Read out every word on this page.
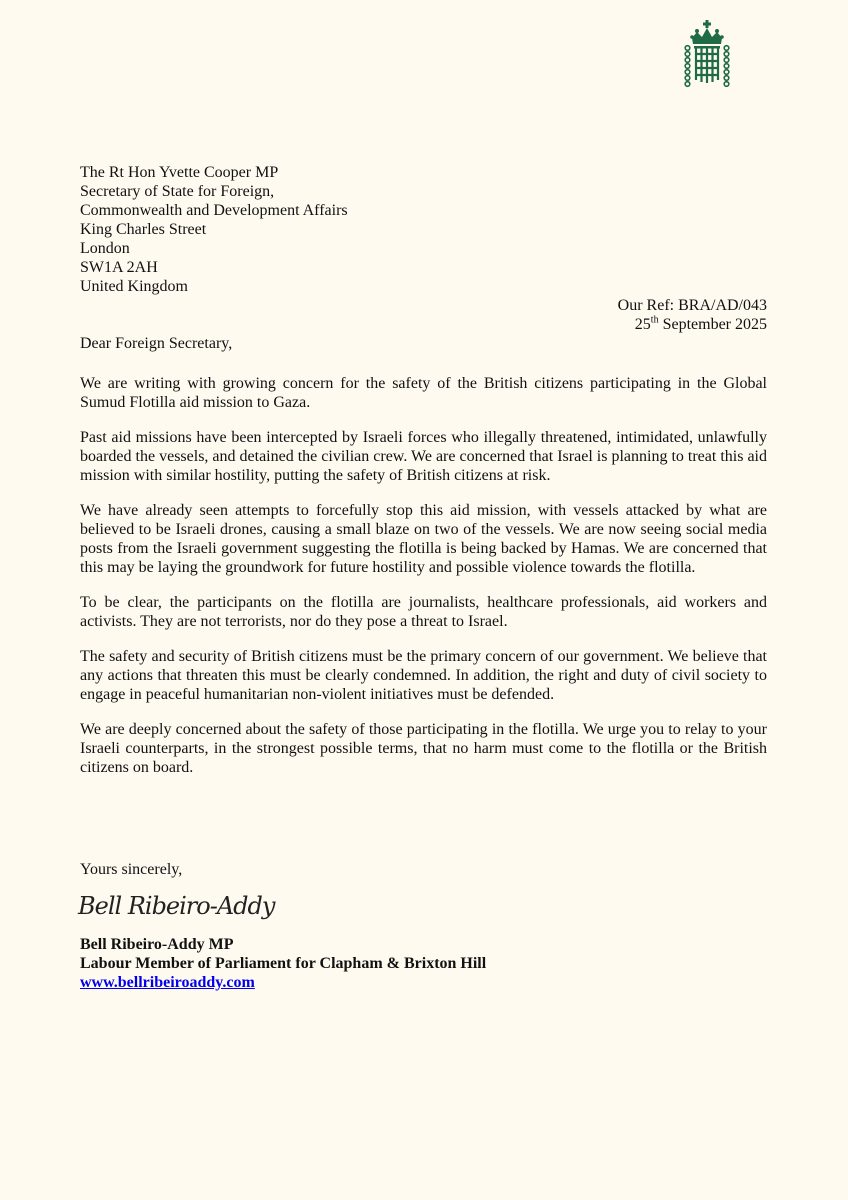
The Rt Hon Yvette Cooper MP
Secretary of State for Foreign,
Commonwealth and Development Affairs
King Charles Street
London
SW1A 2AH
United Kingdom
Our Ref: BRA/AD/043
25th September 2025

Dear Foreign Secretary,

We are writing with growing concern for the safety of the British citizens participating in the Global Sumud Flotilla aid mission to Gaza.

Past aid missions have been intercepted by Israeli forces who illegally threatened, intimidated, unlawfully boarded the vessels, and detained the civilian crew. We are concerned that Israel is planning to treat this aid mission with similar hostility, putting the safety of British citizens at risk.

We have already seen attempts to forcefully stop this aid mission, with vessels attacked by what are believed to be Israeli drones, causing a small blaze on two of the vessels. We are now seeing social media posts from the Israeli government suggesting the flotilla is being backed by Hamas. We are concerned that this may be laying the groundwork for future hostility and possible violence towards the flotilla.

To be clear, the participants on the flotilla are journalists, healthcare professionals, aid workers and activists. They are not terrorists, nor do they pose a threat to Israel.

The safety and security of British citizens must be the primary concern of our government. We believe that any actions that threaten this must be clearly condemned. In addition, the right and duty of civil society to engage in peaceful humanitarian non-violent initiatives must be defended.

We are deeply concerned about the safety of those participating in the flotilla. We urge you to relay to your Israeli counterparts, in the strongest possible terms, that no harm must come to the flotilla or the British citizens on board.

Yours sincerely,
Bell Ribeiro-Addy
Bell Ribeiro-Addy MP
Labour Member of Parliament for Clapham & Brixton Hill
www.bellribeiroaddy.com
